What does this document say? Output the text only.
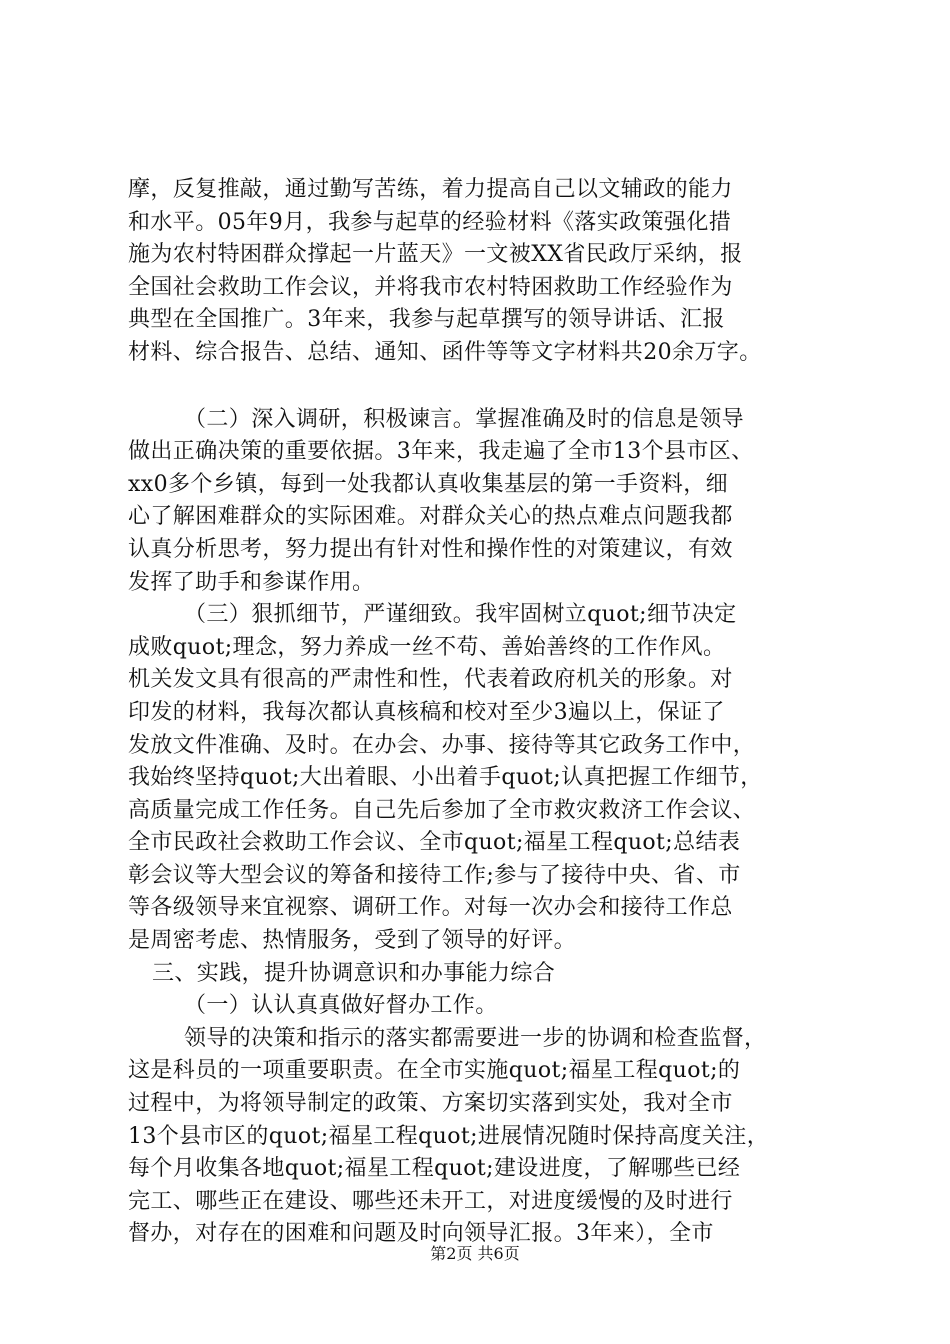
摩，反复推敲，通过勤写苦练，着力提高自己以文辅政的能力
和水平。05年9月，我参与起草的经验材料《落实政策强化措
施为农村特困群众撑起一片蓝天》一文被XX省民政厅采纳，报
全国社会救助工作会议，并将我市农村特困救助工作经验作为
典型在全国推广。3年来，我参与起草撰写的领导讲话、汇报
材料、综合报告、总结、通知、函件等等文字材料共20余万字。
（二）深入调研，积极谏言。掌握准确及时的信息是领导
做出正确决策的重要依据。3年来，我走遍了全市13个县市区、
xx0多个乡镇，每到一处我都认真收集基层的第一手资料，细
心了解困难群众的实际困难。对群众关心的热点难点问题我都
认真分析思考，努力提出有针对性和操作性的对策建议，有效
发挥了助手和参谋作用。
（三）狠抓细节，严谨细致。我牢固树立quot;细节决定
成败quot;理念，努力养成一丝不苟、善始善终的工作作风。
机关发文具有很高的严肃性和性，代表着政府机关的形象。对
印发的材料，我每次都认真核稿和校对至少3遍以上，保证了
发放文件准确、及时。在办会、办事、接待等其它政务工作中，
我始终坚持quot;大出着眼、小出着手quot;认真把握工作细节，
高质量完成工作任务。自己先后参加了全市救灾救济工作会议、
全市民政社会救助工作会议、全市quot;福星工程quot;总结表
彰会议等大型会议的筹备和接待工作;参与了接待中央、省、市
等各级领导来宜视察、调研工作。对每一次办会和接待工作总
是周密考虑、热情服务，受到了领导的好评。
三、实践，提升协调意识和办事能力综合
（一）认认真真做好督办工作。
领导的决策和指示的落实都需要进一步的协调和检查监督，
这是科员的一项重要职责。在全市实施quot;福星工程quot;的
过程中，为将领导制定的政策、方案切实落到实处，我对全市
13个县市区的quot;福星工程quot;进展情况随时保持高度关注，
每个月收集各地quot;福星工程quot;建设进度，了解哪些已经
完工、哪些正在建设、哪些还未开工，对进度缓慢的及时进行
督办，对存在的困难和问题及时向领导汇报。3年来），全市
第2页 共6页
